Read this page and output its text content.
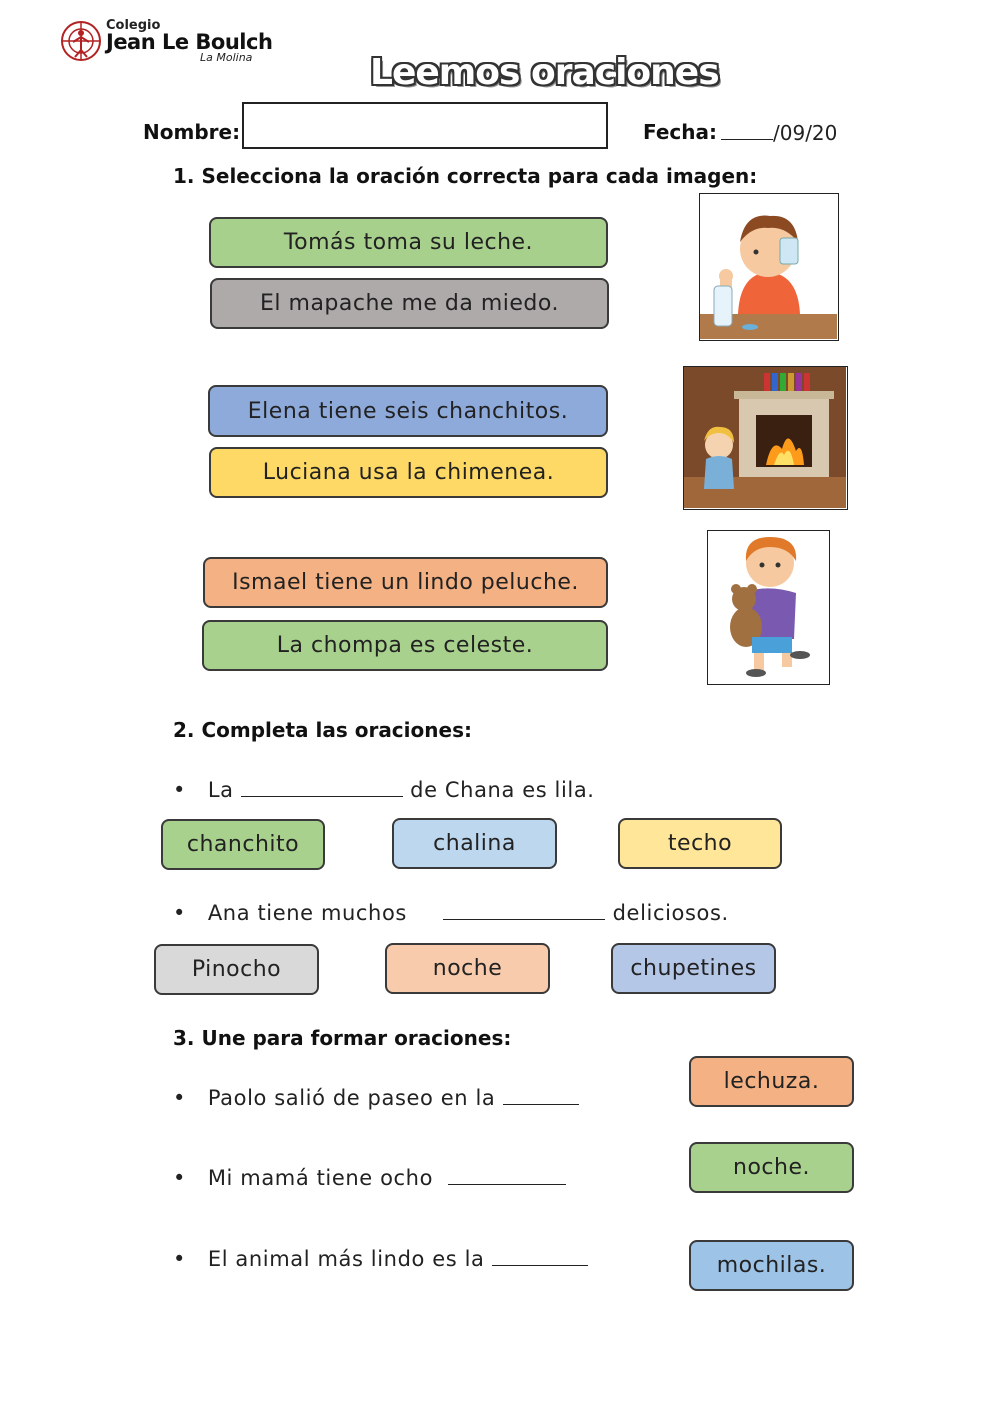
Colegio
Jean Le Boulch
La Molina	Leemos oraciones
Nombre:	Fecha:	/09/20
1. Selecciona la oración correcta para cada imagen:
Tomás toma su leche.
El mapache me da miedo.
Elena tiene seis chanchitos.
Luciana usa la chimenea.
Ismael tiene un lindo peluche.
La chompa es celeste.
2. Completa las oraciones:
• La	de Chana es lila.
chanchito	chalina	techo
• Ana tiene muchos	deliciosos.
Pinocho	noche	chupetines
3. Une para formar oraciones:
• Paolo salió de paseo en la
• Mi mamá tiene ocho
• El animal más lindo es la
lechuza.
noche.
mochilas.
